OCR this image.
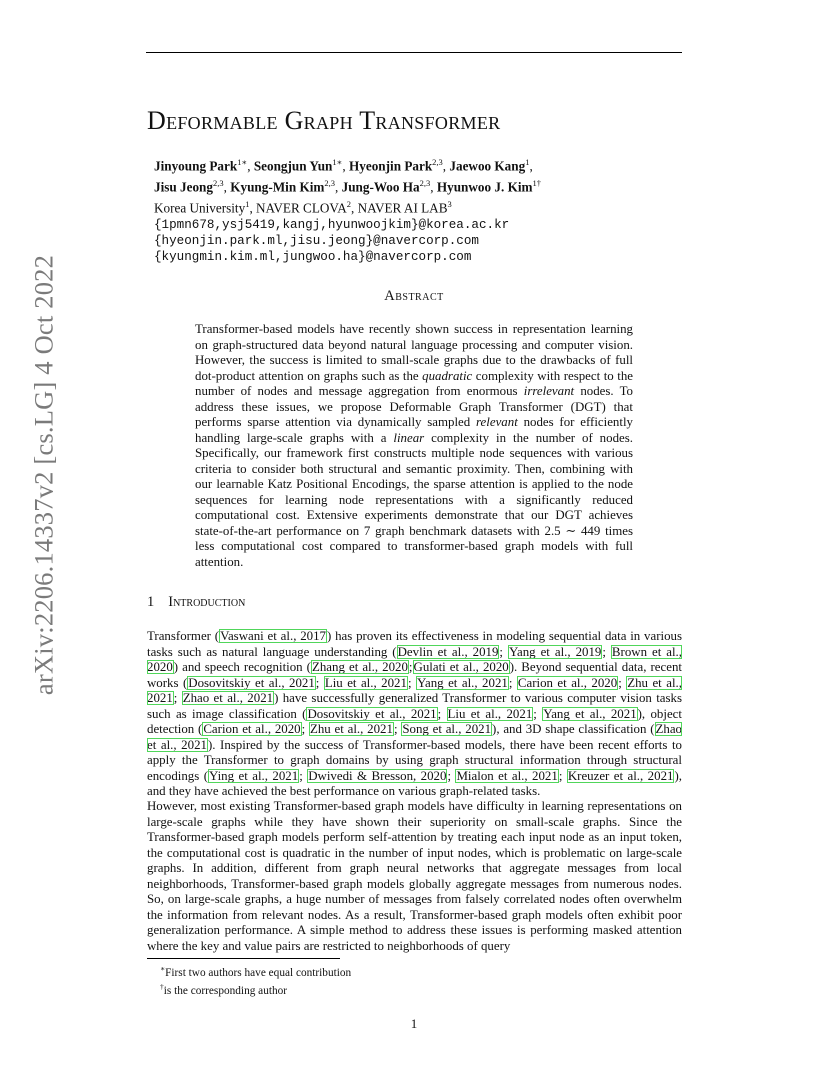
arXiv:2206.14337v2 [cs.LG] 4 Oct 2022
Deformable Graph Transformer
Jinyoung Park$^{1∗}$, Seongjun Yun$^{1∗}$, Hyeonjin Park$^{2,3}$, Jaewoo Kang$^1$,
Jisu Jeong$^{2,3}$, Kyung-Min Kim$^{2,3}$, Jung-Woo Ha$^{2,3}$, Hyunwoo J. Kim$^{1\dagger}$
Korea University$^1$, NAVER CLOVA$^2$, NAVER AI LAB$^3$
{1pmn678,ysj5419,kangj,hyunwoojkim}@korea.ac.kr
{hyeonjin.park.ml,jisu.jeong}@navercorp.com
{kyungmin.kim.ml,jungwoo.ha}@navercorp.com
Abstract

Transformer-based models have recently shown success in representation learning on graph-structured data beyond natural language processing and computer vision. However, the success is limited to small-scale graphs due to the drawbacks of full dot-product attention on graphs such as the quadratic complexity with respect to the number of nodes and message aggregation from enormous irrelevant nodes. To address these issues, we propose Deformable Graph Transformer (DGT) that performs sparse attention via dynamically sampled relevant nodes for efficiently handling large-scale graphs with a linear complexity in the number of nodes. Specifically, our framework first constructs multiple node sequences with various criteria to consider both structural and semantic proximity. Then, combining with our learnable Katz Positional Encodings, the sparse attention is applied to the node sequences for learning node representations with a significantly reduced computational cost. Extensive experiments demonstrate that our DGT achieves state-of-the-art performance on 7 graph benchmark datasets with 2.5 ∼ 449 times less computational cost compared to transformer-based graph models with full attention.

1 Introduction

Transformer (Vaswani et al., 2017) has proven its effectiveness in modeling sequential data in various tasks such as natural language understanding (Devlin et al., 2019; Yang et al., 2019; Brown et al., 2020) and speech recognition (Zhang et al., 2020;Gulati et al., 2020). Beyond sequential data, recent works (Dosovitskiy et al., 2021; Liu et al., 2021; Yang et al., 2021; Carion et al., 2020; Zhu et al., 2021; Zhao et al., 2021) have successfully generalized Transformer to various computer vision tasks such as image classification (Dosovitskiy et al., 2021; Liu et al., 2021; Yang et al., 2021), object detection (Carion et al., 2020; Zhu et al., 2021; Song et al., 2021), and 3D shape classification (Zhao et al., 2021). Inspired by the success of Transformer-based models, there have been recent efforts to apply the Transformer to graph domains by using graph structural information through structural encodings (Ying et al., 2021; Dwivedi & Bresson, 2020; Mialon et al., 2021; Kreuzer et al., 2021), and they have achieved the best performance on various graph-related tasks.

However, most existing Transformer-based graph models have difficulty in learning representations on large-scale graphs while they have shown their superiority on small-scale graphs. Since the Transformer-based graph models perform self-attention by treating each input node as an input token, the computational cost is quadratic in the number of input nodes, which is problematic on large-scale graphs. In addition, different from graph neural networks that aggregate messages from local neighborhoods, Transformer-based graph models globally aggregate messages from numerous nodes. So, on large-scale graphs, a huge number of messages from falsely correlated nodes often overwhelm the information from relevant nodes. As a result, Transformer-based graph models often exhibit poor generalization performance. A simple method to address these issues is performing masked attention where the key and value pairs are restricted to neighborhoods of query

∗First two authors have equal contribution
†is the corresponding author
1
